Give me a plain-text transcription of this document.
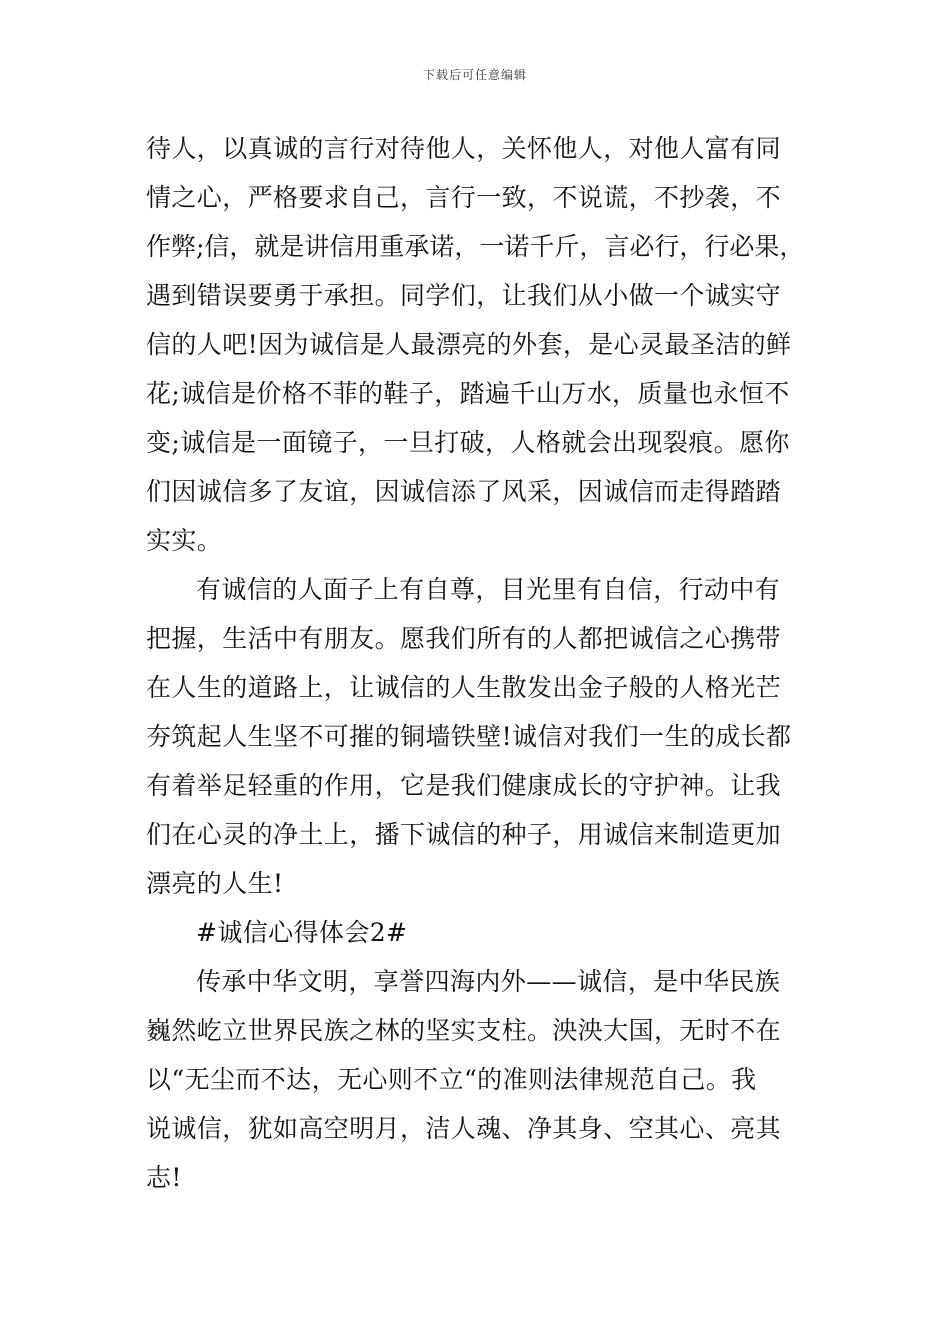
下载后可任意编辑
待人，以真诚的言行对待他人，关怀他人，对他人富有同
情之心，严格要求自己，言行一致，不说谎，不抄袭，不
作弊;信，就是讲信用重承诺，一诺千斤，言必行，行必果，
遇到错误要勇于承担。同学们，让我们从小做一个诚实守
信的人吧!因为诚信是人最漂亮的外套，是心灵最圣洁的鲜
花;诚信是价格不菲的鞋子，踏遍千山万水，质量也永恒不
变;诚信是一面镜子，一旦打破，人格就会出现裂痕。愿你
们因诚信多了友谊，因诚信添了风采，因诚信而走得踏踏
实实。
有诚信的人面子上有自尊，目光里有自信，行动中有
把握，生活中有朋友。愿我们所有的人都把诚信之心携带
在人生的道路上，让诚信的人生散发出金子般的人格光芒
夯筑起人生坚不可摧的铜墙铁壁!诚信对我们一生的成长都
有着举足轻重的作用，它是我们健康成长的守护神。让我
们在心灵的净土上，播下诚信的种子，用诚信来制造更加
漂亮的人生!
#诚信心得体会2#
传承中华文明，享誉四海内外——诚信，是中华民族
巍然屹立世界民族之林的坚实支柱。泱泱大国，无时不在
以“无尘而不达，无心则不立“的准则法律规范自己。我
说诚信，犹如高空明月，洁人魂、净其身、空其心、亮其
志!
